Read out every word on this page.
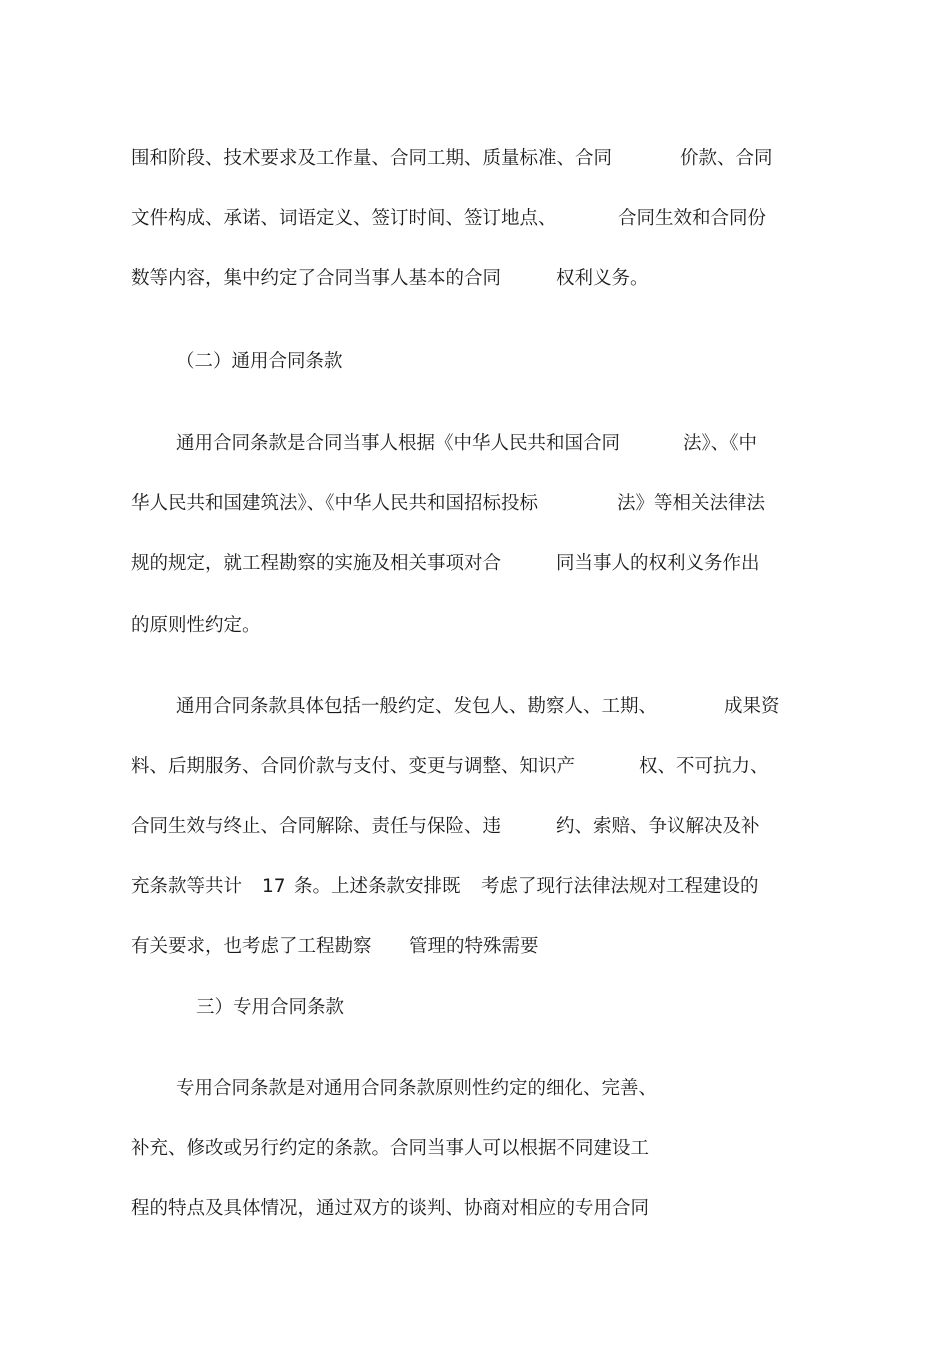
围和阶段、技术要求及工作量、合同工期、质量标准、合同

	价款、合同

文件构成、承诺、词语定义、签订时间、签订地点、

	合同生效和合同份

数等内容，集中约定了合同当事人基本的合同

	权利义务。

（二）通用合同条款

通用合同条款是合同当事人根据《中华人民共和国合同

	法》、《中

华人民共和国建筑法》、《中华人民共和国招标投标

	法》等相关法律法

规的规定，就工程勘察的实施及相关事项对合

	同当事人的权利义务作出

的原则性约定。

通用合同条款具体包括一般约定、发包人、勘察人、工期、

	成果资

料、后期服务、合同价款与支付、变更与调整、知识产

	权、不可抗力、

合同生效与终止、合同解除、责任与保险、违

	约、索赔、争议解决及补

充条款等共计

17

条。上述条款安排既

考虑了现行法律法规对工程建设的

有关要求，也考虑了工程勘察

管理的特殊需要

三）专用合同条款

专用合同条款是对通用合同条款原则性约定的细化、完善、

补充、修改或另行约定的条款。合同当事人可以根据不同建设工

程的特点及具体情况，通过双方的谈判、协商对相应的专用合同
